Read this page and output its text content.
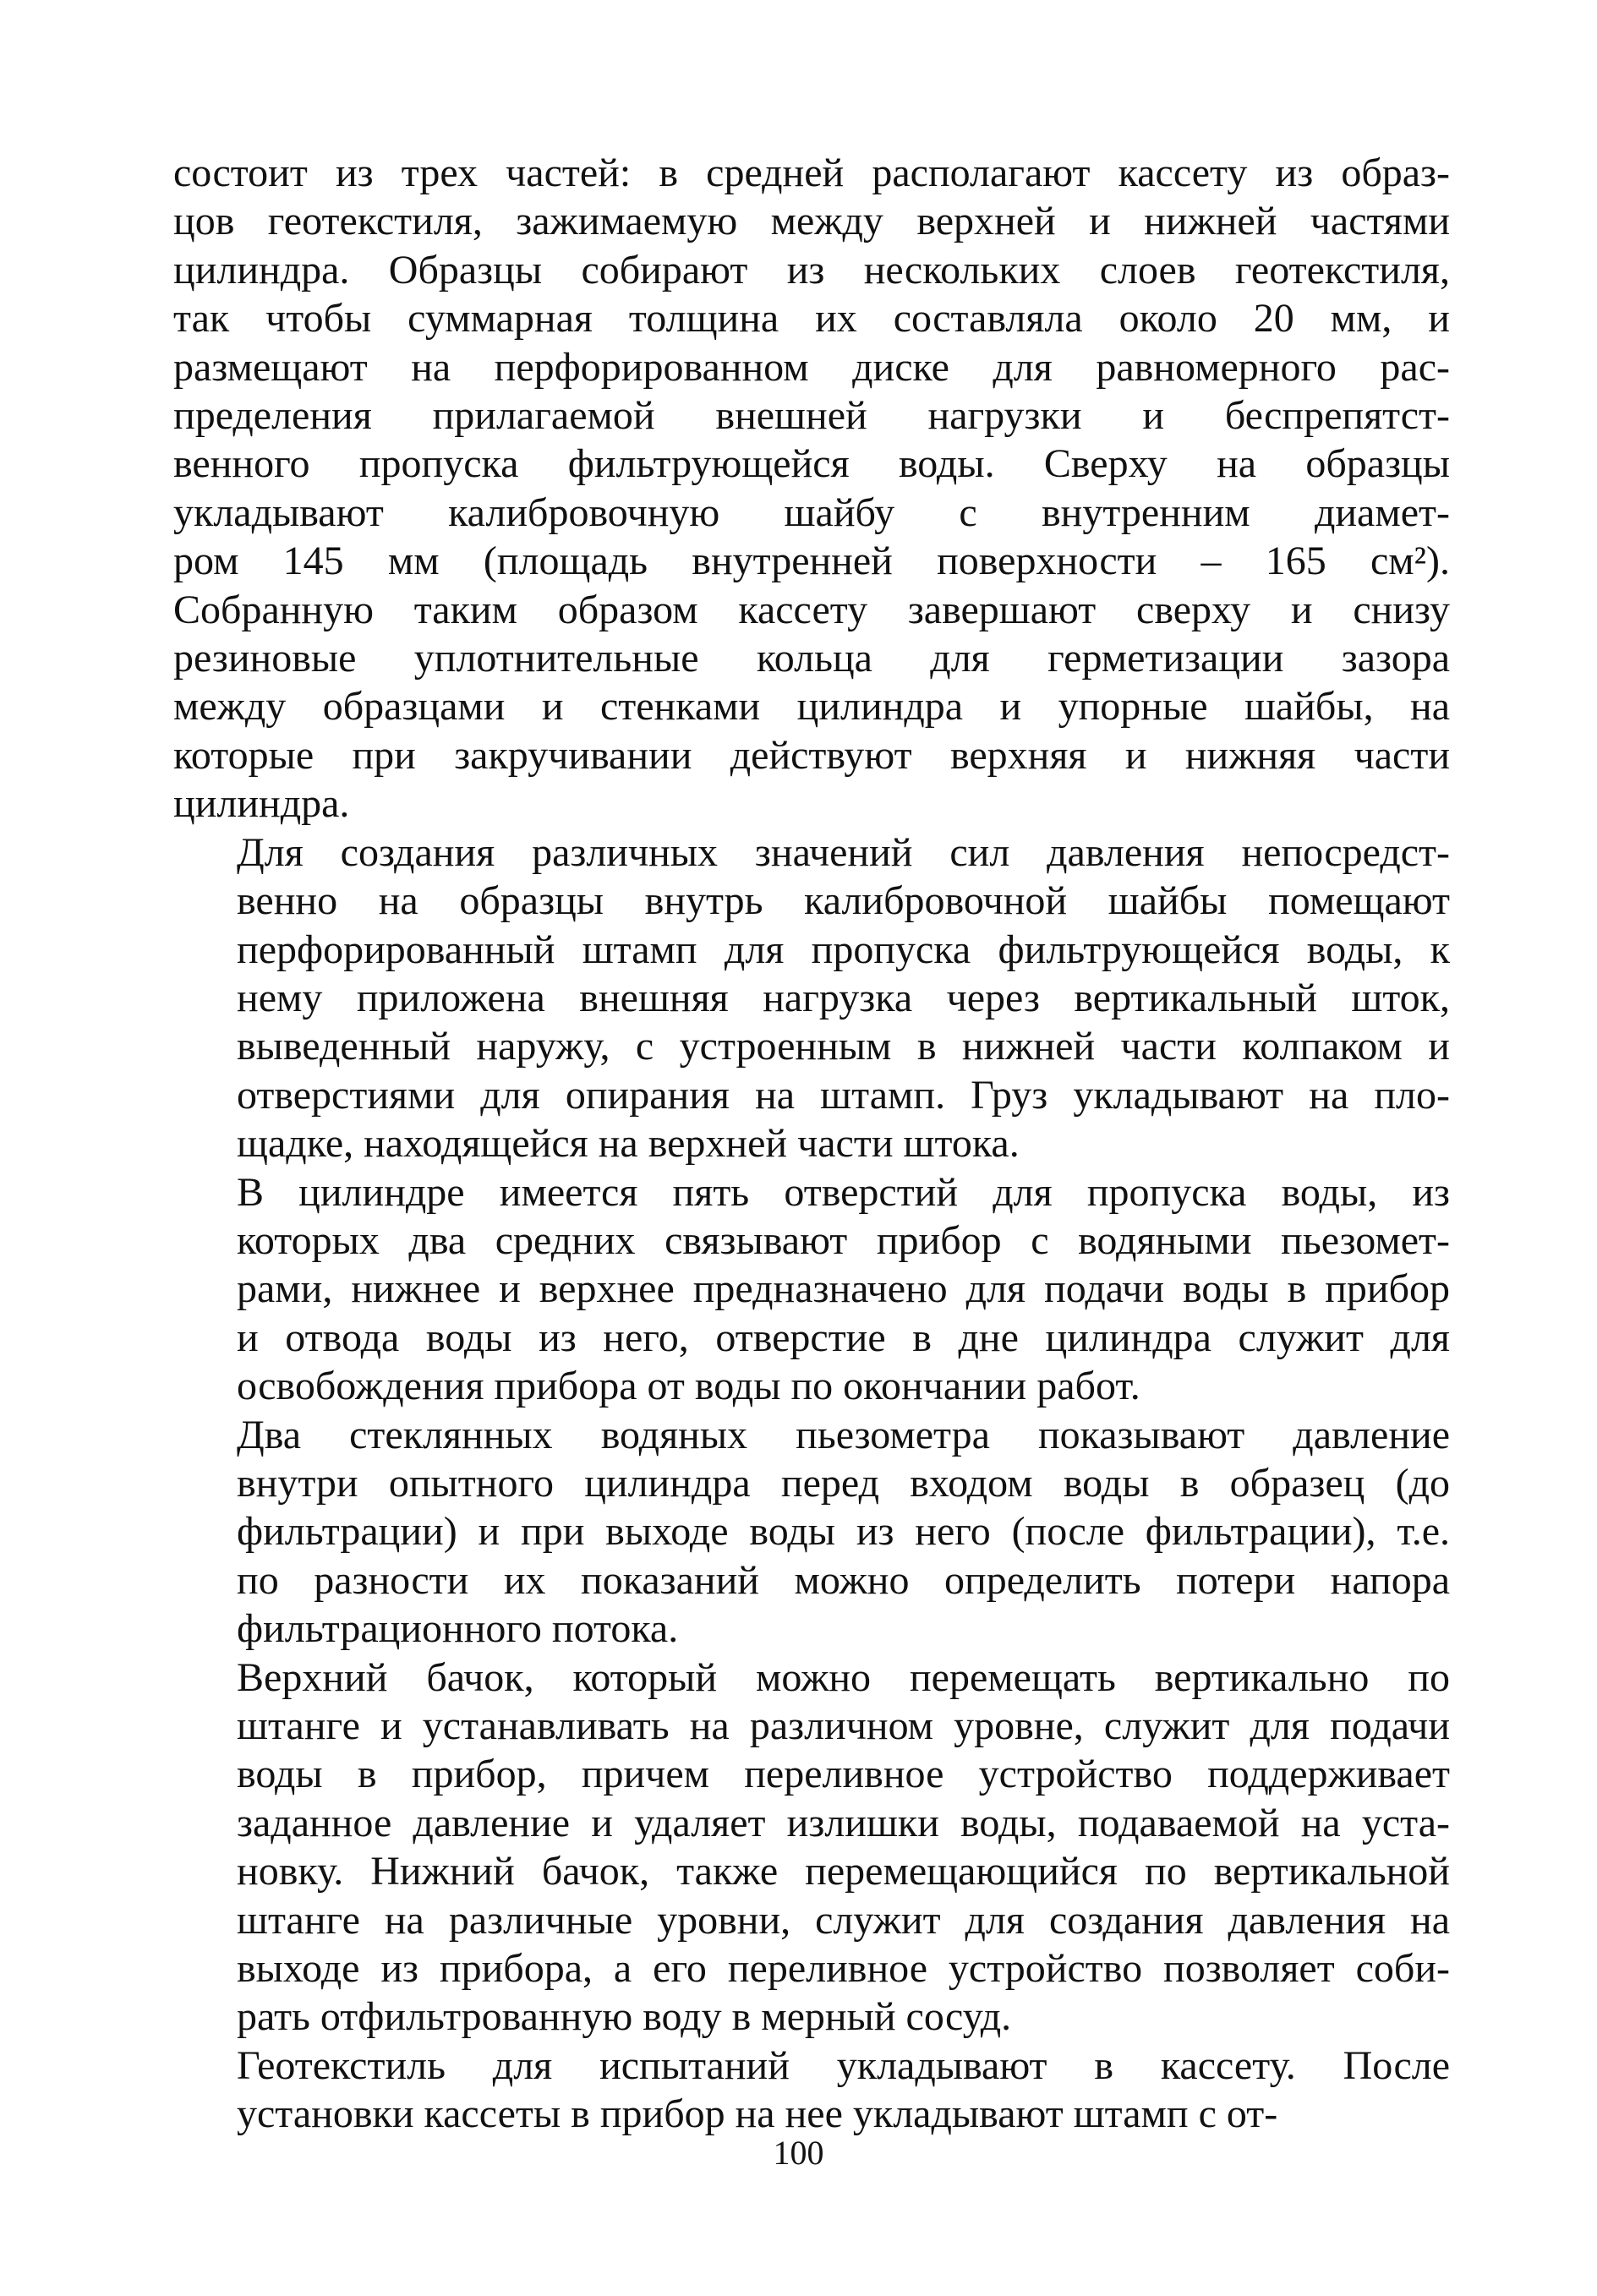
состоит из трех частей: в средней располагают кассету из образ-
цов геотекстиля, зажимаемую между верхней и нижней частями
цилиндра. Образцы собирают из нескольких слоев геотекстиля,
так чтобы суммарная толщина их составляла около 20 мм, и
размещают на перфорированном диске для равномерного рас-
пределения прилагаемой внешней нагрузки и беспрепятст-
венного пропуска фильтрующейся воды. Сверху на образцы
укладывают калибровочную шайбу с внутренним диамет-
ром 145 мм (площадь внутренней поверхности – 165 см²).
Собранную таким образом кассету завершают сверху и снизу
резиновые уплотнительные кольца для герметизации зазора
между образцами и стенками цилиндра и упорные шайбы, на
которые при закручивании действуют верхняя и нижняя части
цилиндра.

Для создания различных значений сил давления непосредст-
венно на образцы внутрь калибровочной шайбы помещают
перфорированный штамп для пропуска фильтрующейся воды, к
нему приложена внешняя нагрузка через вертикальный шток,
выведенный наружу, с устроенным в нижней части колпаком и
отверстиями для опирания на штамп. Груз укладывают на пло-
щадке, находящейся на верхней части штока.

В цилиндре имеется пять отверстий для пропуска воды, из
которых два средних связывают прибор с водяными пьезомет-
рами, нижнее и верхнее предназначено для подачи воды в прибор
и отвода воды из него, отверстие в дне цилиндра служит для
освобождения прибора от воды по окончании работ.

Два стеклянных водяных пьезометра показывают давление
внутри опытного цилиндра перед входом воды в образец (до
фильтрации) и при выходе воды из него (после фильтрации), т.е.
по разности их показаний можно определить потери напора
фильтрационного потока.

Верхний бачок, который можно перемещать вертикально по
штанге и устанавливать на различном уровне, служит для подачи
воды в прибор, причем переливное устройство поддерживает
заданное давление и удаляет излишки воды, подаваемой на уста-
новку. Нижний бачок, также перемещающийся по вертикальной
штанге на различные уровни, служит для создания давления на
выходе из прибора, а его переливное устройство позволяет соби-
рать отфильтрованную воду в мерный сосуд.

Геотекстиль для испытаний укладывают в кассету. После
установки кассеты в прибор на нее укладывают штамп с от-

100
